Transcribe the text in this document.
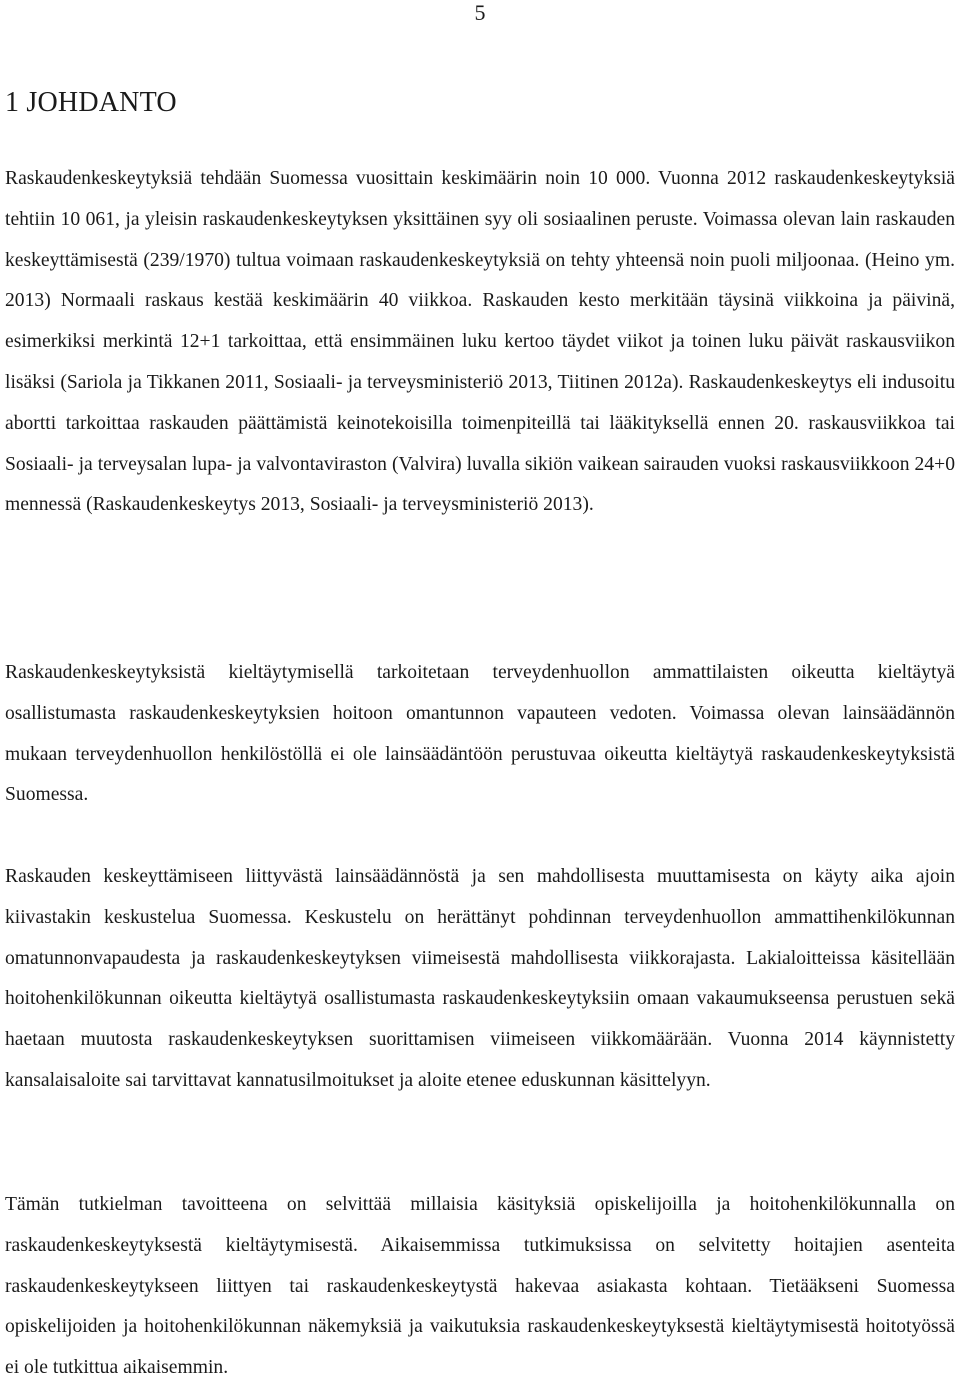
5
1 JOHDANTO

Raskaudenkeskeytyksiä tehdään Suomessa vuosittain keskimäärin noin 10 000. Vuonna 2012 raskaudenkeskeytyksiä tehtiin 10 061, ja yleisin raskaudenkeskeytyksen yksittäinen syy oli sosiaalinen peruste. Voimassa olevan lain raskauden keskeyttämisestä (239/1970) tultua voimaan raskaudenkeskeytyksiä on tehty yhteensä noin puoli miljoonaa. (Heino ym. 2013) Normaali raskaus kestää keskimäärin 40 viikkoa. Raskauden kesto merkitään täysinä viikkoina ja päivinä, esimerkiksi merkintä 12+1 tarkoittaa, että ensimmäinen luku kertoo täydet viikot ja toinen luku päivät raskausviikon lisäksi (Sariola ja Tikkanen 2011, Sosiaali- ja terveysministeriö 2013, Tiitinen 2012a). Raskaudenkeskeytys eli indusoitu abortti tarkoittaa raskauden päättämistä keinotekoisilla toimenpiteillä tai lääkityksellä ennen 20. raskausviikkoa tai Sosiaali- ja terveysalan lupa- ja valvontaviraston (Valvira) luvalla sikiön vaikean sairauden vuoksi raskausviikkoon 24+0 mennessä (Raskaudenkeskeytys 2013, Sosiaali- ja terveysministeriö 2013).

Raskaudenkeskeytyksistä kieltäytymisellä tarkoitetaan terveydenhuollon ammattilaisten oikeutta kieltäytyä osallistumasta raskaudenkeskeytyksien hoitoon omantunnon vapauteen vedoten. Voimassa olevan lainsäädännön mukaan terveydenhuollon henkilöstöllä ei ole lainsäädäntöön perustuvaa oikeutta kieltäytyä raskaudenkeskeytyksistä Suomessa.

Raskauden keskeyttämiseen liittyvästä lainsäädännöstä ja sen mahdollisesta muuttamisesta on käyty aika ajoin kiivastakin keskustelua Suomessa. Keskustelu on herättänyt pohdinnan terveydenhuollon ammattihenkilökunnan omatunnonvapaudesta ja raskaudenkeskeytyksen viimeisestä mahdollisesta viikkorajasta. Lakialoitteissa käsitellään hoitohenkilökunnan oikeutta kieltäytyä osallistumasta raskaudenkeskeytyksiin omaan vakaumukseensa perustuen sekä haetaan muutosta raskaudenkeskeytyksen suorittamisen viimeiseen viikkomäärään. Vuonna 2014 käynnistetty kansalaisaloite sai tarvittavat kannatusilmoitukset ja aloite etenee eduskunnan käsittelyyn.

Tämän tutkielman tavoitteena on selvittää millaisia käsityksiä opiskelijoilla ja hoitohenkilökunnalla on raskaudenkeskeytyksestä kieltäytymisestä. Aikaisemmissa tutkimuksissa on selvitetty hoitajien asenteita raskaudenkeskeytykseen liittyen tai raskaudenkeskeytystä hakevaa asiakasta kohtaan. Tietääkseni Suomessa opiskelijoiden ja hoitohenkilökunnan näkemyksiä ja vaikutuksia raskaudenkeskeytyksestä kieltäytymisestä hoitotyössä ei ole tutkittua aikaisemmin.
